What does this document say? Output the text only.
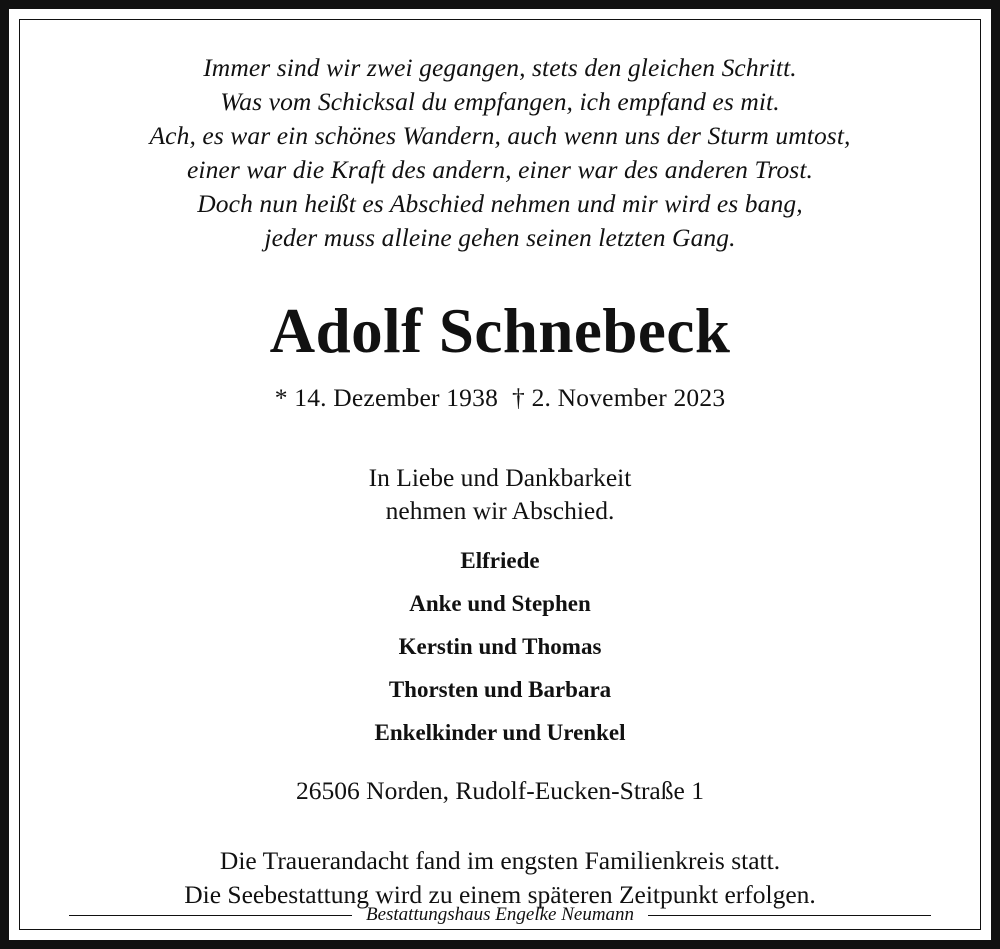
Immer sind wir zwei gegangen, stets den gleichen Schritt.
Was vom Schicksal du empfangen, ich empfand es mit.
Ach, es war ein schönes Wandern, auch wenn uns der Sturm umtost,
einer war die Kraft des andern, einer war des anderen Trost.
Doch nun heißt es Abschied nehmen und mir wird es bang,
jeder muss alleine gehen seinen letzten Gang.
Adolf Schnebeck
* 14. Dezember 1938 † 2. November 2023
In Liebe und Dankbarkeit
nehmen wir Abschied.
Elfriede
Anke und Stephen
Kerstin und Thomas
Thorsten und Barbara
Enkelkinder und Urenkel
26506 Norden, Rudolf-Eucken-Straße 1
Die Trauerandacht fand im engsten Familienkreis statt.
Die Seebestattung wird zu einem späteren Zeitpunkt erfolgen.
Bestattungshaus Engelke Neumann
